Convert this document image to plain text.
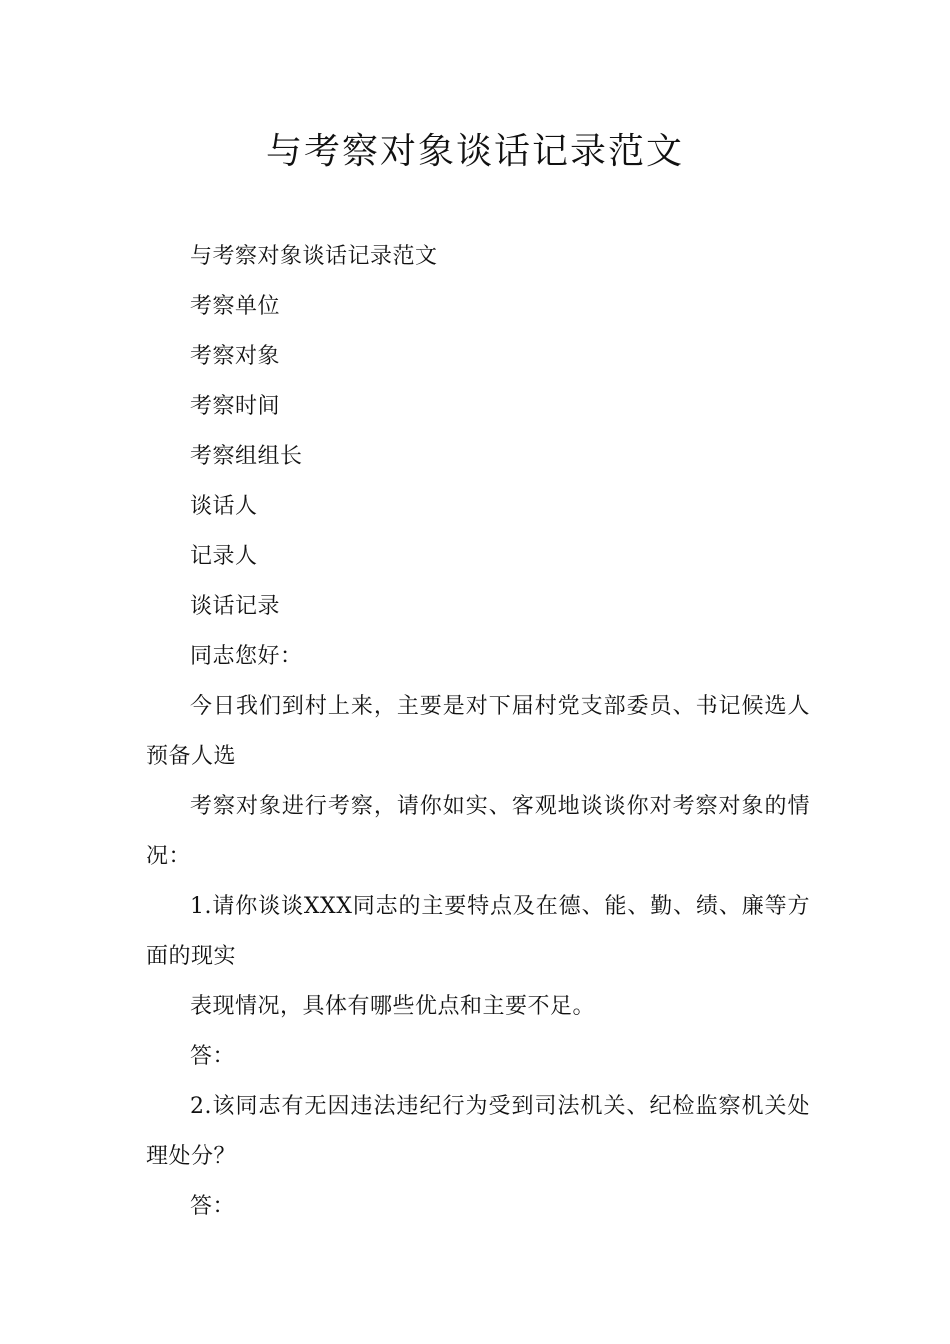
与考察对象谈话记录范文

与考察对象谈话记录范文

考察单位

考察对象

考察时间

考察组组长

谈话人

记录人

谈话记录

同志您好：

今日我们到村上来，主要是对下届村党支部委员、书记候选人预备人选

考察对象进行考察，请你如实、客观地谈谈你对考察对象的情况：

1.请你谈谈XXX同志的主要特点及在德、能、勤、绩、廉等方面的现实

表现情况，具体有哪些优点和主要不足。

答：

2.该同志有无因违法违纪行为受到司法机关、纪检监察机关处理处分？

答：
